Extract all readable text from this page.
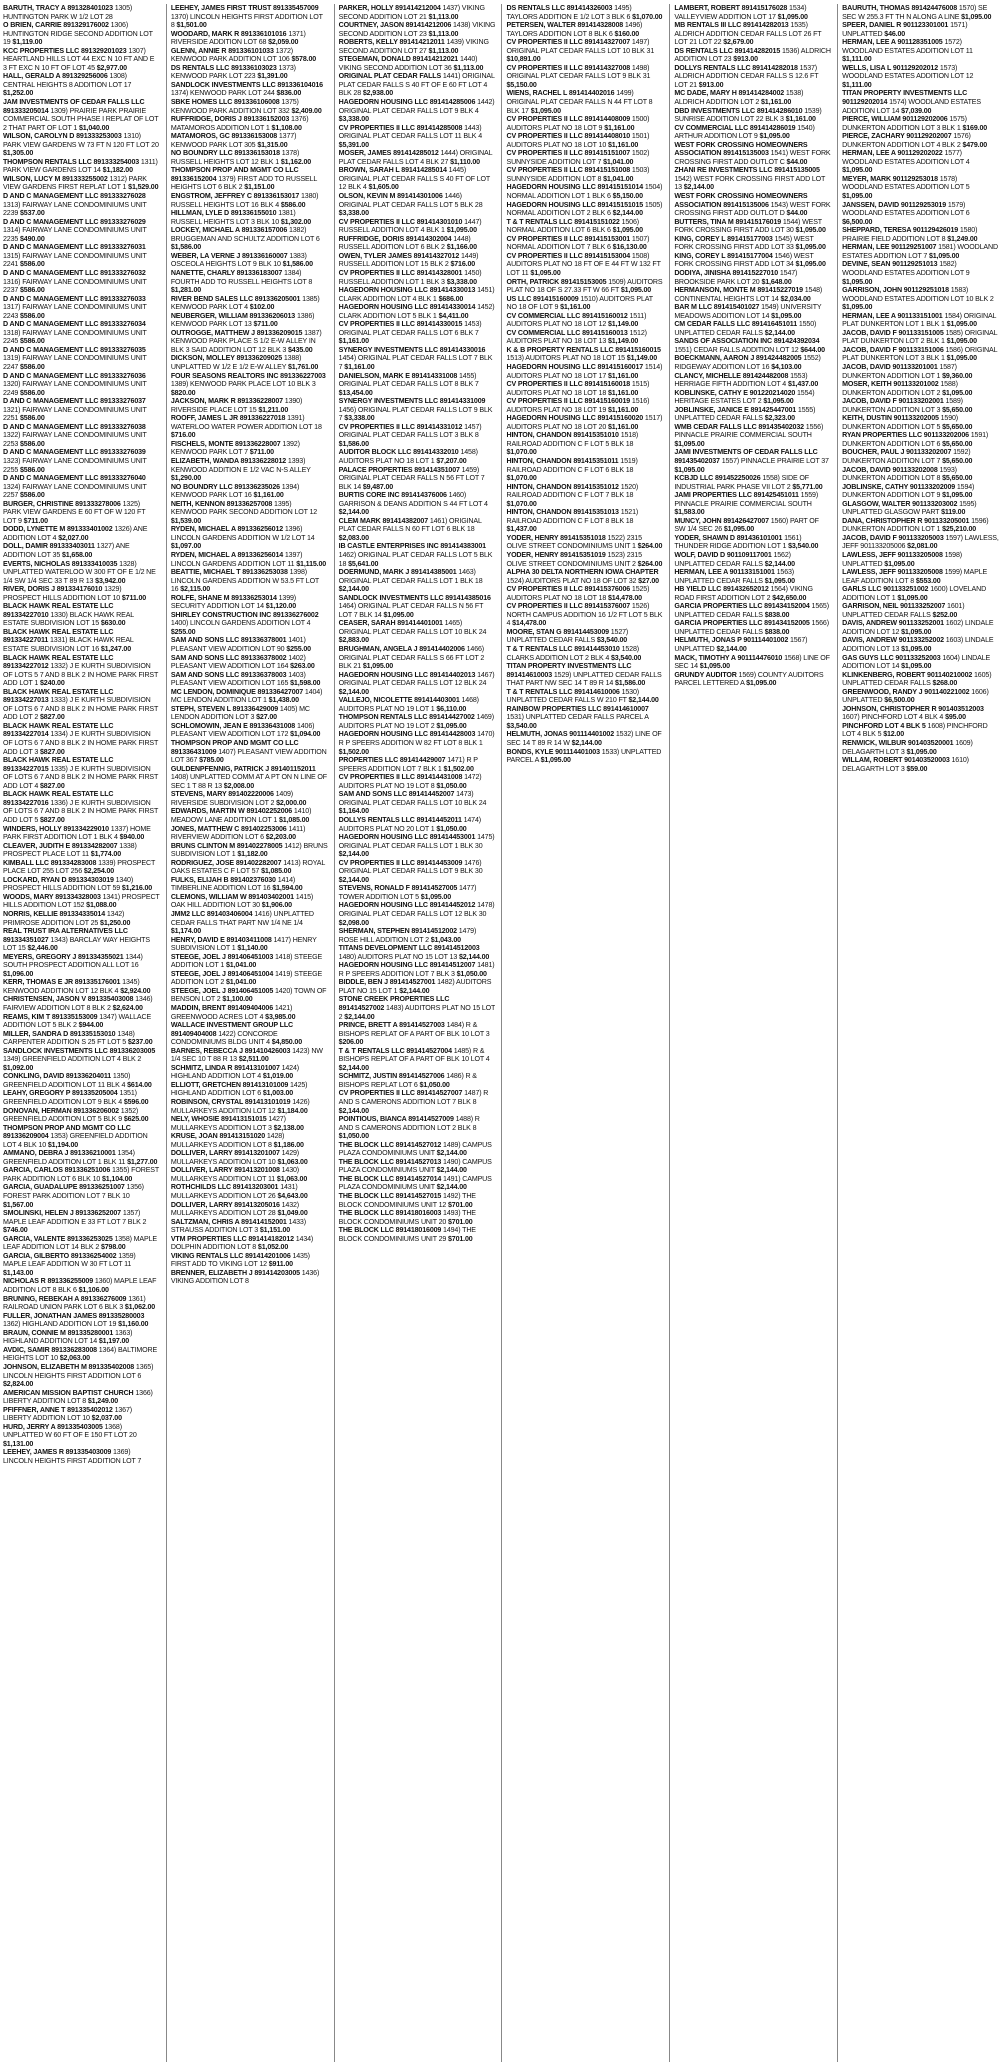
BARUTH, TRACY A 891328401023 1305) HUNTINGTON PARK W 1/2 LOT 28

O BRIEN, CARRIE 891329176002 1306) HUNTINGTON RIDGE SECOND ADDITION LOT 19 $1,119.00

KCC PROPERTIES LLC 891329201023 1307) HEARTLAND HILLS LOT 44 EXC N 10 FT AND E 3 FT EXC N 10 FT OF LOT 45 $2,977.00

HALL, GERALD A 891329256006 1308) CENTRAL HEIGHTS 8 ADDITION LOT 17 $1,252.00

JAM INVESTMENTS OF CEDAR FALLS LLC 891333205014 1309) PRAIRIE PARK PRAIRIE COMMERCIAL SOUTH PHASE I REPLAT OF LOT 2 THAT PART OF LOT 1 $1,040.00

WILSON, CAROLYN D 891333253003 1310) PARK VIEW GARDENS W 73 FT N 120 FT LOT 20 $1,305.00

THOMPSON RENTALS LLC 891333254003 1311) PARK VIEW GARDENS LOT 14 $1,182.00

WILSON, LUCY M 891333255002 1312) PARK VIEW GARDENS FIRST REPLAT LOT 1 $1,529.00

D AND C MANAGEMENT LLC 891333276028 1313) FAIRWAY LANE CONDOMINIUMS UNIT 2239 $537.00

D AND C MANAGEMENT LLC 891333276029 1314) FAIRWAY LANE CONDOMINIUMS UNIT 2235 $490.00

D AND C MANAGEMENT LLC 891333276031 1315) FAIRWAY LANE CONDOMINIUMS UNIT 2241 $586.00

D AND C MANAGEMENT LLC 891333276032 1316) FAIRWAY LANE CONDOMINIUMS UNIT 2237 $586.00

D AND C MANAGEMENT LLC 891333276033 1317) FAIRWAY LANE CONDOMINIUMS UNIT 2243 $586.00

D AND C MANAGEMENT LLC 891333276034 1318) FAIRWAY LANE CONDOMINIUMS UNIT 2245 $586.00

D AND C MANAGEMENT LLC 891333276035 1319) FAIRWAY LANE CONDOMINIUMS UNIT 2247 $586.00

D AND C MANAGEMENT LLC 891333276036 1320) FAIRWAY LANE CONDOMINIUMS UNIT 2249 $586.00

D AND C MANAGEMENT LLC 891333276037 1321) FAIRWAY LANE CONDOMINIUMS UNIT 2251 $586.00

D AND C MANAGEMENT LLC 891333276038 1322) FAIRWAY LANE CONDOMINIUMS UNIT 2253 $586.00

D AND C MANAGEMENT LLC 891333276039 1323) FAIRWAY LANE CONDOMINIUMS UNIT 2255 $586.00

D AND C MANAGEMENT LLC 891333276040 1324) FAIRWAY LANE CONDOMINIUMS UNIT 2257 $586.00

BURGER, CHRISTINE 891333278006 1325) PARK VIEW GARDENS E 60 FT OF W 120 FT LOT 9 $711.00

DODD, LYNETTE M 891333401002 1326) ANE ADDITION LOT 4 $2,027.00

DOLL, DAMIR 891333403011 1327) ANE ADDITION LOT 35 $1,658.00

EVERTS, NICHOLAS 891333410035 1328) UNPLATTED WATERLOO W 300 FT OF E 1/2 NE 1/4 SW 1/4 SEC 33 T 89 R 13 $3,942.00

RIVER, DORIS J 891334176010 1329) PROSPECT HILLS ADDITION LOT 10 $711.00

BLACK HAWK REAL ESTATE LLC 891334227010 1330) BLACK HAWK REAL ESTATE SUBDIVISION LOT 15 $630.00

BLACK HAWK REAL ESTATE LLC 891334227011 1331) BLACK HAWK REAL ESTATE SUBDIVISION LOT 16 $1,247.00

BLACK HAWK REAL ESTATE LLC 891334227012 1332) J E KURTH SUBDIVISION OF LOTS 5 7 AND 8 BLK 2 IN HOME PARK FIRST ADD LOT 1 $240.00

BLACK HAWK REAL ESTATE LLC 891334227013 1333) J E KURTH SUBDIVISION OF LOTS 6 7 AND 8 BLK 2 IN HOME PARK FIRST ADD LOT 2 $827.00

BLACK HAWK REAL ESTATE LLC 891334227014 1334) J E KURTH SUBDIVISION OF LOTS 6 7 AND 8 BLK 2 IN HOME PARK FIRST ADD LOT 3 $827.00

BLACK HAWK REAL ESTATE LLC 891334227015 1335) J E KURTH SUBDIVISION OF LOTS 6 7 AND 8 BLK 2 IN HOME PARK FIRST ADD LOT 4 $827.00

BLACK HAWK REAL ESTATE LLC 891334227016 1336) J E KURTH SUBDIVISION OF LOTS 6 7 AND 8 BLK 2 IN HOME PARK FIRST ADD LOT 5 $827.00

WINDERS, HOLLY 891334229010 1337) HOME PARK FIRST ADDITION LOT 1 BLK 4 $940.00

CLEAVER, JUDITH E 891334282007 1338) PROSPECT PLACE LOT 11 $1,774.00

KIMBALL LLC 891334283008 1339) PROSPECT PLACE LOT 255 LOT 256 $2,254.00

LOCKARD, RYAN D 891334303019 1340) PROSPECT HILLS ADDITION LOT 59 $1,216.00

WOODS, MARY 891334328003 1341) PROSPECT HILLS ADDITION LOT 152 $1,088.00

NORRIS, KELLIE 891334335014 1342) PRIMROSE ADDITION LOT 25 $1,250.00

REAL TRUST IRA ALTERNATIVES LLC 891334351027 1343) BARCLAY WAY HEIGHTS LOT 15 $2,446.00

MEYERS, GREGORY J 891334355021 1344) SOUTH PROSPECT ADDITION ALL LOT 16 $1,096.00

KERR, THOMAS E JR 891335176001 1345) KENWOOD ADDITION LOT 12 BLK 4 $2,924.00

CHRISTENSEN, JASON V 891335403008 1346) FAIRVIEW ADDITION LOT 8 BLK 2 $2,624.00

REAMS, KIM T 891335153009 1347) WALLACE ADDITION LOT 5 BLK 2 $944.00

MILLER, SANDRA D 891335153010 1348) CARPENTER ADDITION S 25 FT LOT 5 $237.00

SANDLOCK INVESTMENTS LLC 891336203005 1349) GREENFIELD ADDITION LOT 4 BLK 2 $1,092.00

CONKLING, DAVID 891336204011 1350) GREENFIELD ADDITION LOT 11 BLK 4 $614.00

LEAHY, GREGORY P 891335205004 1351) GREENFIELD ADDITION LOT 9 BLK 4 $596.00

DONOVAN, HERMAN 891336206002 1352) GREENFIELD ADDITION LOT 5 BLK 9 $625.00

THOMPSON PROP AND MGMT CO LLC 891336209004 1353) GREENFIELD ADDITION LOT 4 BLK 10 $1,194.00

AMMANO, DEBRA J 891336210001 1354) GREENFIELD ADDITION LOT 1 BLK 11 $1,277.00

GARCIA, CARLOS 891336251006 1355) FOREST PARK ADDITION LOT 6 BLK 10 $1,104.00

GARCIA, GUADALUPE 891336251007 1356) FOREST PARK ADDITION LOT 7 BLK 10 $1,567.00

SMOLINSKI, HELEN J 891336252007 1357) MAPLE LEAF ADDITION E 33 FT LOT 7 BLK 2 $746.00

GARCIA, VALENTE 891336253025 1358) MAPLE LEAF ADDITION LOT 14 BLK 2 $798.00

GARCIA, GILBERTO 891336254002 1359) MAPLE LEAF ADDITION W 30 FT LOT 11 $1,143.00

NICHOLAS R 891336255009 1360) MAPLE LEAF ADDITION LOT 8 BLK 6 $1,106.00

BRUNING, REBEKAH A 891336276009 1361) RAILROAD UNION PARK LOT 6 BLK 3 $1,062.00

FULLER, JONATHAN JAMES 891335280003 1362) HIGHLAND ADDITION LOT 19 $1,160.00

BRAUN, CONNIE M 891335280001 1363) HIGHLAND ADDITION LOT 14 $1,197.00

AVDIC, SAMIR 891336283008 1364) BALTIMORE HEIGHTS LOT 10 $2,063.00

JOHNSON, ELIZABETH M 891335402008 1365) LINCOLN HEIGHTS FIRST ADDITION LOT 6 $2,824.00

AMERICAN MISSION BAPTIST CHURCH 1366) LIBERTY ADDITION LOT 8 $1,249.00

PFIFFNER, ANNE T 891335402012 1367) LIBERTY ADDITION LOT 10 $2,037.00

HURD, JERRY A 891335403005 1368) UNPLATTED W 60 FT OF E 150 FT LOT 20 $1,131.00

LEEHEY, JAMES R 891335403009 1369) LINCOLN HEIGHTS FIRST ADDITION LOT 7

LEEHEY, JAMES FIRST TRUST 891335457009 1370) LINCOLN HEIGHTS FIRST ADDITION LOT 8 $1,501.00

WOODARD, MARK R 891336101016 1371) RIVERSIDE ADDITION LOT 68 $2,059.00

GLENN, ANNIE R 891336101033 1372) KENWOOD PARK ADDITION LOT 106 $578.00

DS RENTALS LLC 891336103023 1373) KENWOOD PARK LOT 223 $1,391.00

SANDLOCK INVESTMENTS LLC 891336104016 1374) KENWOOD PARK LOT 244 $836.00

SBKE HOMES LLC 891336106008 1375) KENWOOD PARK ADDITION LOT 332 $2,409.00

RUFFRIDGE, DORIS J 891336152003 1376) MATAMOROS ADDITION LOT 1 $1,108.00

MATAMOROS, GC 891336153008 1377) KENWOOD PARK LOT 305 $1,315.00

NO BOUNDRY LLC 891336153018 1378) RUSSELL HEIGHTS LOT 12 BLK 1 $1,162.00

THOMPSON PROP AND MGMT CO LLC 891336152004 1379) FIRST ADD TO RUSSELL HEIGHTS LOT 6 BLK 2 $1,151.00

ENGSTROM, JEFFREY C 891336153017 1380) RUSSELL HEIGHTS LOT 16 BLK 4 $586.00

HILLMAN, LYLE D 891336155010 1381) RUSSELL HEIGHTS LOT 3 BLK 10 $1,302.00

LOCKEY, MICHAEL A 891336157006 1382) BRUGGEMAN AND SCHULTZ ADDITION LOT 6 $1,586.00

WEBER, LA VERNE J 891336160007 1383) OSCEOLA HEIGHTS LOT 9 BLK 10 $1,586.00

NANETTE, CHARLY 891336183007 1384) FOURTH ADD TO RUSSELL HEIGHTS LOT 8 $1,281.00

RIVER BEND SALES LLC 891336205001 1385) KENWOOD PARK LOT 4 $102.00

NEUBERGER, WILLIAM 891336206013 1386) KENWOOD PARK LOT 13 $711.00

OUTROGGE, MATTHEW J 891336209015 1387) KENWOOD PARK PLACE S 1/2 E-W ALLEY IN BLK 3 SAID ADDITION LOT 12 BLK 3 $435.00

DICKSON, MOLLEY 891336209025 1388) UNPLATTED W 1/2 E 1/2 E-W ALLEY $1,761.00

FOUR SEASONS REALTORS INC 891336227003 1389) KENWOOD PARK PLACE LOT 10 BLK 3 $820.00

JACKSON, MARK R 891336228007 1390) RIVERSIDE PLACE LOT 15 $1,211.00

ROOFF, JAMES L JR 891336227018 1391) WATERLOO WATER POWER ADDITION LOT 18 $716.00

FISCHELS, MONTE 891336228007 1392) KENWOOD PARK LOT 7 $711.00

ELIZABETH, WANDA 891336228012 1393) KENWOOD ADDITION E 1/2 VAC N-S ALLEY $1,290.00

NO BOUNDRY LLC 891336235026 1394) KENWOOD PARK LOT 16 $1,161.00

NEITH, KENNON 891336257008 1395) KENWOOD PARK SECOND ADDITION LOT 12 $1,539.00

RYDEN, MICHAEL A 891336256012 1396) LINCOLN GARDENS ADDITION W 1/2 LOT 14 $1,097.00

RYDEN, MICHAEL A 891336256014 1397) LINCOLN GARDENS ADDITION LOT 11 $1,115.00

BEATTIE, MICHAEL T 891336253038 1398) LINCOLN GARDENS ADDITION W 53.5 FT LOT 16 $2,115.00

ROLFE, SHANE M 891336253014 1399) SECURITY ADDITION LOT 14 $1,120.00

SHIRLEY CONSTRUCTION INC 891336276002 1400) LINCOLN GARDENS ADDITION LOT 4 $255.00

SAM AND SONS LLC 891336378001 1401) PLEASANT VIEW ADDITION LOT 90 $255.00

SAM AND SONS LLC 891336378002 1402) PLEASANT VIEW ADDITION LOT 164 $263.00

SAM AND SONS LLC 891336378003 1403) PLEASANT VIEW ADDITION LOT 165 $1,598.00

MC LENDON, DOMINIQUE 891336427007 1404) MC LENDON ADDITION LOT 1 $1,438.00

STEPH, STEVEN L 891336429009 1405) MC LENDON ADDITION LOT 3 $27.00

SCHLOMOWIN, JEAN E 891336431008 1406) PLEASANT VIEW ADDITION LOT 172 $1,094.00

THOMPSON PROP AND MGMT CO LLC 891336431009 1407) PLEASANT VIEW ADDITION LOT 367 $785.00

GULDENPFENNIG, PATRICK J 891401152011 1408) UNPLATTED COMM AT A PT ON N LINE OF SEC 1 T 88 R 13 $2,008.00

STEVENS, MARY 891402220006 1409) RIVERSIDE SUBDIVISION LOT 2 $2,000.00

EDWARDS, MARTIN W 891402252006 1410) MEADOW LANE ADDITION LOT 1 $1,085.00

JONES, MATTHEW C 891402253006 1411) RIVERVIEW ADDITION LOT 6 $2,203.00

BRUNS CLINTON M 891402278005 1412) BRUNS SUBDIVISION LOT 1 $1,182.00

RODRIGUEZ, JOSE 891402282007 1413) ROYAL OAKS ESTATES C F LOT 57 $1,085.00

FULKS, ELIJAH B 891402376030 1414) TIMBERLINE ADDITION LOT 16 $1,594.00

CLEMONS, WILLIAM W 891403402001 1415) OAK HILL ADDITION LOT 30 $1,906.00

JMM2 LLC 891403406004 1416) UNPLATTED CEDAR FALLS THAT PART NW 1/4 NE 1/4 $1,174.00

HENRY, DAVID E 891403411008 1417) HENRY SUBDIVISION LOT 1 $1,140.00

STEEGE, JOEL J 891406451003 1418) STEEGE ADDITION LOT 1 $1,041.00

STEEGE, JOEL J 891406451004 1419) STEEGE ADDITION LOT 2 $1,041.00

STEEGE, JOEL J 891406451005 1420) TOWN OF BENSON LOT 2 $1,100.00

MADDIN, BRENT 891409404006 1421) GREENWOOD ACRES LOT 4 $3,985.00

WALLACE INVESTMENT GROUP LLC 891409404008 1422) CONCORDE CONDOMINIUMS BLDG UNIT 4 $4,850.00

BARNES, REBECCA J 891410426003 1423) NW 1/4 SEC 10 T 88 R 13 $2,511.00

SCHMITZ, LINDA R 891413101007 1424) HIGHLAND ADDITION LOT 4 $1,019.00

ELLIOTT, GRETCHEN 891413101009 1425) HIGHLAND ADDITION LOT 6 $1,003.00

ROBINSON, CRYSTAL 891413101019 1426) MULLARKEYS ADDITION LOT 12 $1,184.00

NELY, WHOSIE 891413151015 1427) MULLARKEYS ADDITION LOT 3 $2,138.00

KRUSE, JOAN 891413151020 1428) MULLARKEYS ADDITION LOT 8 $1,186.00

DOLLIVER, LARRY 891413201007 1429) MULLARKEYS ADDITION LOT 10 $1,063.00

DOLLIVER, LARRY 891413201008 1430) MULLARKEYS ADDITION LOT 11 $1,063.00

ROTHCHILDS LLC 891413203001 1431) MULLARKEYS ADDITION LOT 26 $4,643.00

DOLLIVER, LARRY 891413205016 1432) MULLARKEYS ADDITION LOT 28 $1,049.00

SALTZMAN, CHRIS A 891414152001 1433) STRAUSS ADDITION LOT 3 $1,151.00

VTM PROPERTIES LLC 891414182012 1434) DOLPHIN ADDITION LOT 8 $1,052.00

VIKING RENTALS LLC 891414201006 1435) FIRST ADD TO VIKING LOT 12 $911.00

BRENNER, ELIZABETH J 891414203005 1436) VIKING ADDITION LOT 8

PARKER, HOLLY 891414212004 1437) VIKING SECOND ADDITION LOT 21 $1,113.00

COURTNEY, JASON 891414212006 1438) VIKING SECOND ADDITION LOT 23 $1,113.00

ROBERTS, KELLY 891414212011 1439) VIKING SECOND ADDITION LOT 27 $1,113.00

STEGEMAN, DONALD 891414212021 1440) VIKING SECOND ADDITION LOT 36 $1,113.00

ORIGINAL PLAT CEDAR FALLS 1441) ORIGINAL PLAT CEDAR FALLS S 40 FT OF E 60 FT LOT 4 BLK 28 $2,938.00

HAGEDORN HOUSING LLC 891414285006 1442) ORIGINAL PLAT CEDAR FALLS LOT 9 BLK 4 $3,338.00

CV PROPERTIES II LLC 891414285008 1443) ORIGINAL PLAT CEDAR FALLS LOT 11 BLK 4 $5,391.00

MOSER, JAMES 891414285012 1444) ORIGINAL PLAT CEDAR FALLS LOT 4 BLK 27 $1,110.00

BROWN, SARAH L 891414285014 1445) ORIGINAL PLAT CEDAR FALLS S 40 FT OF LOT 12 BLK 4 $1,605.00

OLSON, KEVIN M 891414301006 1446) ORIGINAL PLAT CEDAR FALLS LOT 5 BLK 28 $3,338.00

CV PROPERTIES II LLC 891414301010 1447) RUSSELL ADDITION LOT 4 BLK 1 $1,095.00

RUFFRIDGE, DORIS 891414302004 1448) RUSSELL ADDITION LOT 6 BLK 2 $1,166.00

OWEN, TYLER JAMES 891414327012 1449) RUSSELL ADDITION LOT 15 BLK 2 $716.00

CV PROPERTIES II LLC 891414328001 1450) RUSSELL ADDITION LOT 1 BLK 3 $3,338.00

HAGEDORN HOUSING LLC 891414330013 1451) CLARK ADDITION LOT 4 BLK 1 $686.00

HAGEDORN HOUSING LLC 891414330014 1452) CLARK ADDITION LOT 5 BLK 1 $4,411.00

CV PROPERTIES II LLC 891414330015 1453) ORIGINAL PLAT CEDAR FALLS LOT 6 BLK 7 $1,161.00

SYNERGY INVESTMENTS LLC 891414330016 1454) ORIGINAL PLAT CEDAR FALLS LOT 7 BLK 7 $1,161.00

DANIELSON, MARK E 891414331008 1455) ORIGINAL PLAT CEDAR FALLS LOT 8 BLK 7 $13,454.00

SYNERGY INVESTMENTS LLC 891414331009 1456) ORIGINAL PLAT CEDAR FALLS LOT 9 BLK 7 $3,338.00

CV PROPERTIES II LLC 891414331012 1457) ORIGINAL PLAT CEDAR FALLS LOT 3 BLK 8 $1,586.00

AUDITOR BLOCK LLC 891414332010 1458) AUDITORS PLAT NO 18 LOT 1 $7,207.00

PALACE PROPERTIES 891414351007 1459) ORIGINAL PLAT CEDAR FALLS N 56 FT LOT 7 BLK 14 $9,487.00

BURTIS CORE INC 891414376006 1460) GARRISON & DEANS ADDITION S 44 FT LOT 4 $2,144.00

CLEM MARK 891414382007 1461) ORIGINAL PLAT CEDAR FALLS N 60 FT LOT 6 BLK 18 $2,083.00

IB CASTLE ENTERPRISES INC 891414383001 1462) ORIGINAL PLAT CEDAR FALLS LOT 5 BLK 18 $5,641.00

DOERMUND, MARK J 891414385001 1463) ORIGINAL PLAT CEDAR FALLS LOT 1 BLK 18 $2,144.00

SANDLOCK INVESTMENTS LLC 891414385016 1464) ORIGINAL PLAT CEDAR FALLS N 56 FT LOT 7 BLK 14 $1,095.00

CEASER, SARAH 891414401001 1465) ORIGINAL PLAT CEDAR FALLS LOT 10 BLK 24 $2,883.00

BRUGHMAN, ANGELA J 891414402006 1466) ORIGINAL PLAT CEDAR FALLS S 66 FT LOT 2 BLK 21 $1,095.00

HAGEDORN HOUSING LLC 891414402013 1467) ORIGINAL PLAT CEDAR FALLS LOT 12 BLK 24 $2,144.00

VALLEJO, NICOLETTE 891414403001 1468) AUDITORS PLAT NO 19 LOT 1 $6,110.00

THOMPSON RENTALS LLC 891414427002 1469) AUDITORS PLAT NO 19 LOT 2 $1,095.00

HAGEDORN HOUSING LLC 891414428003 1470) R P SPEERS ADDITION W 82 FT LOT 8 BLK 1 $1,502.00

PROPERTIES LLC 891414429007 1471) R P SPEERS ADDITION LOT 7 BLK 1 $1,502.00

CV PROPERTIES II LLC 891414431008 1472) AUDITORS PLAT NO 19 LOT 8 $1,050.00

SAM AND SONS LLC 891414452007 1473) ORIGINAL PLAT CEDAR FALLS LOT 10 BLK 24 $1,164.00

DOLLYS RENTALS LLC 891414452011 1474) AUDITORS PLAT NO 20 LOT 1 $1,050.00

HAGEDORN HOUSING LLC 891414453001 1475) ORIGINAL PLAT CEDAR FALLS LOT 1 BLK 30 $2,144.00

CV PROPERTIES II LLC 891414453009 1476) ORIGINAL PLAT CEDAR FALLS LOT 9 BLK 30 $2,144.00

STEVENS, RONALD F 891414527005 1477) TOWER ADDITION LOT 5 $1,095.00

HAGEDORN HOUSING LLC 891414452012 1478) ORIGINAL PLAT CEDAR FALLS LOT 12 BLK 30 $2,098.00

SHERMAN, STEPHEN 891414512002 1479) ROSE HILL ADDITION LOT 2 $1,043.00

TITANS DEVELOPMENT LLC 891414512003 1480) AUDITORS PLAT NO 15 LOT 13 $2,144.00

HAGEDORN HOUSING LLC 891414512007 1481) R P SPEERS ADDITION LOT 7 BLK 3 $1,050.00

BIDDLE, BEN J 891414527001 1482) AUDITORS PLAT NO 15 LOT 1 $2,144.00

STONE CREEK PROPERTIES LLC 891414527002 1483) AUDITORS PLAT NO 15 LOT 2 $2,144.00

PRINCE, BRETT A 891414527003 1484) R & BISHOPS REPLAT OF A PART OF BLK 10 LOT 3 $206.00

T & T RENTALS LLC 891414527004 1485) R & BISHOPS REPLAT OF A PART OF BLK 10 LOT 4 $2,144.00

SCHMITZ, JUSTIN 891414527006 1486) R & BISHOPS REPLAT LOT 6 $1,050.00

CV PROPERTIES II LLC 891414527007 1487) R AND S CAMERONS ADDITION LOT 7 BLK 8 $2,144.00

POINTIOUS, BIANCA 891414527009 1488) R AND S CAMERONS ADDITION LOT 2 BLK 8 $1,050.00

THE BLOCK LLC 891414527012 1489) CAMPUS PLAZA CONDOMINIUMS UNIT $2,144.00

THE BLOCK LLC 891414527013 1490) CAMPUS PLAZA CONDOMINIUMS UNIT $2,144.00

THE BLOCK LLC 891414527014 1491) CAMPUS PLAZA CONDOMINIUMS UNIT $2,144.00

THE BLOCK LLC 891414527015 1492) THE BLOCK CONDOMINIUMS UNIT 12 $701.00

THE BLOCK LLC 891418016003 1493) THE BLOCK CONDOMINIUMS UNIT 20 $701.00

THE BLOCK LLC 891418016009 1494) THE BLOCK CONDOMINIUMS UNIT 29 $701.00

DS RENTALS LLC 891414326003 1495) TAYLORS ADDITION E 1/2 LOT 3 BLK 6 $1,070.00

PETERSEN, WALTER 891414328008 1496) TAYLORS ADDITION LOT 8 BLK 6 $160.00

CV PROPERTIES II LLC 891414327007 1497) ORIGINAL PLAT CEDAR FALLS LOT 10 BLK 31 $10,891.00

CV PROPERTIES II LLC 891414327008 1498) ORIGINAL PLAT CEDAR FALLS LOT 9 BLK 31 $5,150.00

WIENS, RACHEL L 891414402016 1499) ORIGINAL PLAT CEDAR FALLS N 44 FT LOT 8 BLK 17 $1,095.00

CV PROPERTIES II LLC 891414408009 1500) AUDITORS PLAT NO 18 LOT 9 $1,161.00

CV PROPERTIES II LLC 891414408010 1501) AUDITORS PLAT NO 18 LOT 10 $1,161.00

CV PROPERTIES II LLC 891415151007 1502) SUNNYSIDE ADDITION LOT 7 $1,041.00

CV PROPERTIES II LLC 891415151008 1503) SUNNYSIDE ADDITION LOT 8 $1,041.00

HAGEDORN HOUSING LLC 891415151014 1504) NORMAL ADDITION LOT 1 BLK 6 $5,150.00

HAGEDORN HOUSING LLC 891415151015 1505) NORMAL ADDITION LOT 2 BLK 6 $2,144.00

T & T RENTALS LLC 891415151022 1506) NORMAL ADDITION LOT 6 BLK 6 $1,095.00

CV PROPERTIES II LLC 891415153001 1507) NORMAL ADDITION LOT 7 BLK 6 $16,130.00

CV PROPERTIES II LLC 891415153004 1508) AUDITORS PLAT NO 18 FT OF E 44 FT W 132 FT LOT 11 $1,095.00

ORTH, PATRICK 891415153005 1509) AUDITORS PLAT NO 18 OF S 27.33 FT W 66 FT $1,095.00

US LLC 891415160009 1510) AUDITORS PLAT NO 18 OF LOT 9 $1,161.00

CV COMMERCIAL LLC 891415160012 1511) AUDITORS PLAT NO 18 LOT 12 $1,149.00

CV COMMERCIAL LLC 891415160013 1512) AUDITORS PLAT NO 18 LOT 13 $1,149.00

K & B PROPERTY RENTALS LLC 891415160015 1513) AUDITORS PLAT NO 18 LOT 15 $1,149.00

HAGEDORN HOUSING LLC 891415160017 1514) AUDITORS PLAT NO 18 LOT 17 $1,161.00

CV PROPERTIES II LLC 891415160018 1515) AUDITORS PLAT NO 18 LOT 18 $1,161.00

CV PROPERTIES II LLC 891415160019 1516) AUDITORS PLAT NO 18 LOT 19 $1,161.00

HAGEDORN HOUSING LLC 891415160020 1517) AUDITORS PLAT NO 18 LOT 20 $1,161.00

HINTON, CHANDON 891415351010 1518) RAILROAD ADDITION C F LOT 5 BLK 18 $1,070.00

HINTON, CHANDON 891415351011 1519) RAILROAD ADDITION C F LOT 6 BLK 18 $1,070.00

HINTON, CHANDON 891415351012 1520) RAILROAD ADDITION C F LOT 7 BLK 18 $1,070.00

HINTON, CHANDON 891415351013 1521) RAILROAD ADDITION C F LOT 8 BLK 18 $1,437.00

YODER, HENRY 891415351018 1522) 2315 OLIVE STREET CONDOMINIUMS UNIT 1 $264.00

YODER, HENRY 891415351019 1523) 2315 OLIVE STREET CONDOMINIUMS UNIT 2 $264.00

ALPHA 30 DELTA NORTHERN IOWA CHAPTER 1524) AUDITORS PLAT NO 18 OF LOT 32 $27.00

CV PROPERTIES II LLC 891415376006 1525) AUDITORS PLAT NO 18 LOT 18 $14,478.00

CV PROPERTIES II LLC 891415376007 1526) NORTH CAMPUS ADDITION 16 1/2 FT LOT 5 BLK 4 $14,478.00

MOORE, STAN G 891414453009 1527) UNPLATTED CEDAR FALLS $3,540.00

T & T RENTALS LLC 891414453010 1528) CLARKS ADDITION LOT 2 BLK 4 $3,540.00

TITAN PROPERTY INVESTMENTS LLC 891414610003 1529) UNPLATTED CEDAR FALLS THAT PART NW SEC 14 T 89 R 14 $1,586.00

T & T RENTALS LLC 891414610006 1530) UNPLATTED CEDAR FALLS W 210 FT $2,144.00

RAINBOW PROPERTIES LLC 891414610007 1531) UNPLATTED CEDAR FALLS PARCEL A $3,540.00

HELMUTH, JONAS 901114401002 1532) LINE OF SEC 14 T 89 R 14 W $2,144.00

BONDS, KYLE 901114401003 1533) UNPLATTED PARCEL A $1,095.00

LAMBERT, ROBERT 891415176028 1534) VALLEYVIEW ADDITION LOT 17 $1,095.00

MB RENTALS III LLC 891414282013 1535) ALDRICH ADDITION CEDAR FALLS LOT 26 FT LOT 21 LOT 22 $2,679.00

DS RENTALS LLC 891414282015 1536) ALDRICH ADDITION LOT 23 $913.00

DOLLYS RENTALS LLC 891414282018 1537) ALDRICH ADDITION CEDAR FALLS S 12.6 FT LOT 21 $913.00

MC DADE, MARY H 891414284002 1538) ALDRICH ADDITION LOT 2 $1,161.00

DBD INVESTMENTS LLC 891414286010 1539) SUNRISE ADDITION LOT 22 BLK 3 $1,161.00

CV COMMERCIAL LLC 891414286019 1540) ARTHUR ADDITION LOT 9 $1,095.00

WEST FORK CROSSING HOMEOWNERS ASSOCIATION 891415135003 1541) WEST FORK CROSSING FIRST ADD OUTLOT C $44.00

ZHANI RE INVESTMENTS LLC 891415135005 1542) WEST FORK CROSSING FIRST ADD LOT 13 $2,144.00

WEST FORK CROSSING HOMEOWNERS ASSOCIATION 891415135006 1543) WEST FORK CROSSING FIRST ADD OUTLOT D $44.00

BUTTERS, TINA M 891415176019 1544) WEST FORK CROSSING FIRST ADD LOT 30 $1,095.00

KING, COREY L 891415177003 1545) WEST FORK CROSSING FIRST ADD LOT 33 $1,095.00

KING, COREY L 891415177004 1546) WEST FORK CROSSING FIRST ADD LOT 34 $1,095.00

DODIYA, JINISHA 891415227010 1547) BROOKSIDE PARK LOT 20 $1,648.00

HERMANSON, MONTE M 891415227019 1548) CONTINENTAL HEIGHTS LOT 14 $2,034.00

BAR M LLC 891415401027 1549) UNIVERSITY MEADOWS ADDITION LOT 14 $1,095.00

CM CEDAR FALLS LLC 891416451011 1550) UNPLATTED CEDAR FALLS $2,144.00

SANDS OF ASSOCIATION INC 891424392034 1551) CEDAR FALLS ADDITION LOT 12 $644.00

BOECKMANN, AARON J 891424482005 1552) RIDGEWAY ADDITION LOT 16 $4,103.00

CLANCY, MICHELLE 891424482008 1553) HERRIAGE FIFTH ADDITION LOT 4 $1,437.00

KOBLINSKE, CATHY E 901220214020 1554) HERITAGE ESTATES LOT 2 $1,095.00

JOBLINSKE, JANICE E 891425447001 1555) UNPLATTED CEDAR FALLS $2,323.00

WMB CEDAR FALLS LLC 891435402032 1556) PINNACLE PRAIRIE COMMERCIAL SOUTH $1,095.00

JAMI INVESTMENTS OF CEDAR FALLS LLC 891435402037 1557) PINNACLE PRAIRIE LOT 37 $1,095.00

KCBJD LLC 891452250026 1558) SIDE OF INDUSTRIAL PARK PHASE VII LOT 2 $5,771.00

JAMI PROPERTIES LLC 891425451011 1559) PINNACLE PRAIRIE COMMERCIAL SOUTH $1,583.00

MUNCY, JOHN 891426427007 1560) PART OF SW 1/4 SEC 26 $1,095.00

YODER, SHAWN D 891436101001 1561) THUNDER RIDGE ADDITION LOT 1 $3,540.00

WOLF, DAVID D 901109117001 1562) UNPLATTED CEDAR FALLS $2,144.00

HERMAN, LEE A 901133151001 1563) UNPLATTED CEDAR FALLS $1,095.00

HB YIELD LLC 891432652012 1564) VIKING ROAD FIRST ADDITION LOT 2 $42,650.00

GARCIA PROPERTIES LLC 891434152004 1565) UNPLATTED CEDAR FALLS $838.00

GARCIA PROPERTIES LLC 891434152005 1566) UNPLATTED CEDAR FALLS $838.00

HELMUTH, JONAS P 901114401002 1567) UNPLATTED $2,144.00

MACK, TIMOTHY A 901114476010 1568) LINE OF SEC 14 $1,095.00

GRUNDY AUDITOR 1569) COUNTY AUDITORS PARCEL LETTERED A $1,095.00

BAURUTH, THOMAS 891424476008 1570) SE SEC W 255.3 FT TH N ALONG A LINE $1,095.00

SPEER, DANIEL R 901123301001 1571) UNPLATTED $46.00

HERMAN, LEE A 901128351005 1572) WOODLAND ESTATES ADDITION LOT 11 $1,111.00

WELLS, LISA L 901129202012 1573) WOODLAND ESTATES ADDITION LOT 12 $1,111.00

TITAN PROPERTY INVESTMENTS LLC 901129202014 1574) WOODLAND ESTATES ADDITION LOT 14 $7,039.00

PIERCE, WILLIAM 901129202006 1575) DUNKERTON ADDITION LOT 3 BLK 1 $169.00

PIERCE, ZACHARY 901129202007 1576) DUNKERTON ADDITION LOT 4 BLK 2 $479.00

HERMAN, LEE A 901129202022 1577) WOODLAND ESTATES ADDITION LOT 4 $1,095.00

MEYER, MARK 901129253018 1578) WOODLAND ESTATES ADDITION LOT 5 $1,095.00

JANSSEN, DAVID 901129253019 1579) WOODLAND ESTATES ADDITION LOT 6 $6,500.00

SHEPPARD, TERESA 901129426019 1580) PRAIRIE FIELD ADDITION LOT 8 $1,249.00

HERMAN, LEE 901129251007 1581) WOODLAND ESTATES ADDITION LOT 7 $1,095.00

DEVINE, SEAN 901129251013 1582) WOODLAND ESTATES ADDITION LOT 9 $1,095.00

GARRISON, JOHN 901129251018 1583) WOODLAND ESTATES ADDITION LOT 10 BLK 2 $1,095.00

HERMAN, LEE A 901133151001 1584) ORIGINAL PLAT DUNKERTON LOT 1 BLK 1 $1,095.00

JACOB, DAVID F 901133151005 1585) ORIGINAL PLAT DUNKERTON LOT 2 BLK 1 $1,095.00

JACOB, DAVID F 901133151006 1586) ORIGINAL PLAT DUNKERTON LOT 3 BLK 1 $1,095.00

JACOB, DAVID 901133201001 1587) DUNKERTON ADDITION LOT 1 $9,360.00

MOSER, KEITH 901133201002 1588) DUNKERTON ADDITION LOT 2 $1,095.00

JACOB, DAVID F 901133202001 1589) DUNKERTON ADDITION LOT 3 $5,650.00

KEITH, DUSTIN 901133202005 1590) DUNKERTON ADDITION LOT 5 $5,650.00

RYAN PROPERTIES LLC 901133202006 1591) DUNKERTON ADDITION LOT 6 $5,650.00

BOUCHER, PAUL J 901133202007 1592) DUNKERTON ADDITION LOT 7 $5,650.00

JACOB, DAVID 901133202008 1593) DUNKERTON ADDITION LOT 8 $5,650.00

JOBLINSKE, CATHY 901133202009 1594) DUNKERTON ADDITION LOT 9 $1,095.00

GLASGOW, WALTER 901133203002 1595) UNPLATTED GLASGOW PART $119.00

DANA, CHRISTOPHER R 901133205001 1596) DUNKERTON ADDITION LOT 1 $25,210.00

JACOB, DAVID F 901133205003 1597) LAWLESS, JEFF 901133205006 $2,081.00

LAWLESS, JEFF 901133205008 1598) UNPLATTED $1,095.00

LAWLESS, JEFF 901133205008 1599) MAPLE LEAF ADDITION LOT 8 $553.00

GARLS LLC 901133251002 1600) LOVELAND ADDITION LOT 1 $1,095.00

GARRISON, NEIL 901133252007 1601) UNPLATTED CEDAR FALLS $252.00

DAVIS, ANDREW 901133252001 1602) LINDALE ADDITION LOT 12 $1,095.00

DAVIS, ANDREW 901133252002 1603) LINDALE ADDITION LOT 13 $1,095.00

GAS GUYS LLC 901133252003 1604) LINDALE ADDITION LOT 14 $1,095.00

KLINKENBERG, ROBERT 901140210002 1605) UNPLATTED CEDAR FALLS $268.00

GREENWOOD, RANDY J 901140221002 1606) UNPLATTED $6,500.00

JOHNSON, CHRISTOPHER R 901403512003 1607) PINCHFORD LOT 4 BLK 4 $95.00

PINCHFORD LOT 4 BLK 5 1608) PINCHFORD LOT 4 BLK 5 $12.00

RENWICK, WILBUR 901403520001 1609) DELAGARTH LOT 3 $1,095.00

WILLAM, ROBERT 901403520003 1610) DELAGARTH LOT 3 $59.00
